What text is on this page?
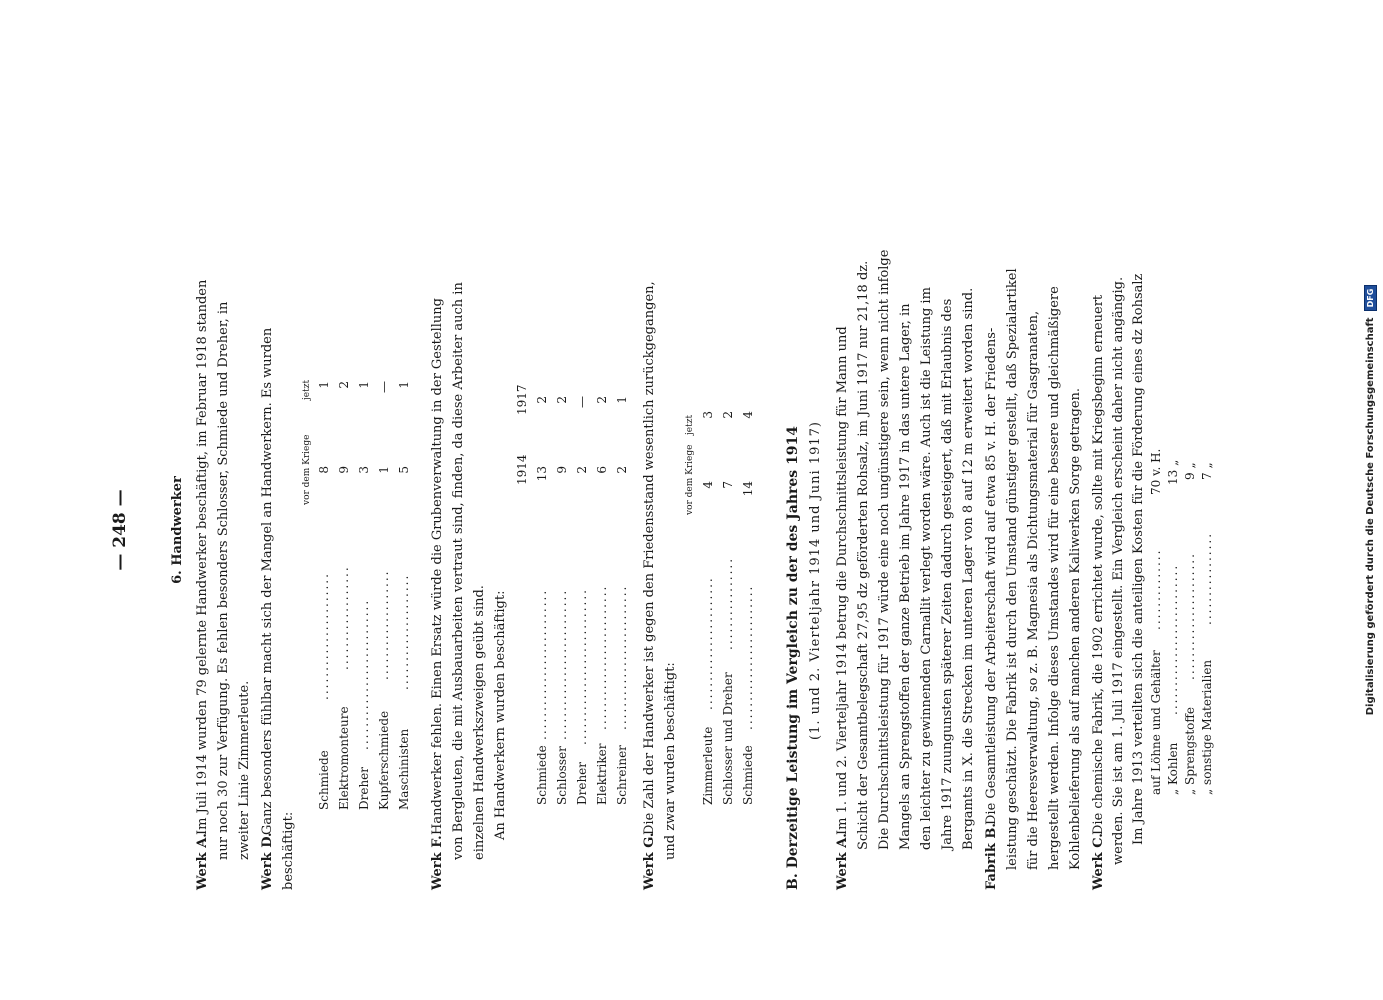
Digitalisierung gefördert durch die Deutsche Forschungsgemeinschaft
DFG
— 248 —	6. Handwerker
Werk A.
Im Juli 1914 wurden 79 gelernte Handwerker beschäftigt, im Februar 1918 standen nur noch 30 zur Verfügung. Es fehlen besonders Schlosser, Schmiede und Dreher, in zweiter Linie Zimmerleute.
Werk D.
Ganz besonders fühlbar macht sich der Mangel an Handwerkern. Es wurden
beschäftigt:
vor dem Kriege
jetzt
Schmiede
......................
8
1
Elektromonteure
..................
9
2
Dreher
..........................
3
1
Kupferschmiede
...................
1
—
Maschinisten
....................
5
1
Werk F.
Handwerker fehlen. Einen Ersatz würde die Grubenverwaltung in der Gestellung von Bergleuten, die mit Ausbauarbeiten vertraut sind, finden, da diese Arbeiter auch in einzelnen Handwerkszweigen geübt sind. An Handwerkern wurden beschäftigt:
1914
1917
Schmiede
..........................
13
2
Schlosser
..........................
9
2
Dreher
...........................
2
—
Elektriker
.........................
6
2
Schreiner
.........................
2
1
Werk G.
Die Zahl der Handwerker ist gegen den Friedensstand wesentlich zurückgegangen, und zwar wurden beschäftigt:
vor dem Kriege
jetzt
Zimmerleute
.......................
4
3
Schlosser und Dreher
................
7
2
Schmiede
.........................
14
4
B. Derzeitige Leistung im Vergleich zu der des Jahres 1914 (1. und 2. Vierteljahr 1914 und Juni 1917)
Werk A.
Im 1. und 2. Vierteljahr 1914 betrug die Durchschnittsleistung für Mann und Schicht der Gesamtbelegschaft 27,95 dz geförderten Rohsalz, im Juni 1917 nur 21,18 dz. Die Durchschnittsleistung für 1917 würde eine noch ungünstigere sein, wenn nicht infolge Mangels an Sprengstoffen der ganze Betrieb im Jahre 1917 in das untere Lager, in den leichter zu gewinnenden Carnallit verlegt worden wäre. Auch ist die Leistung im Jahre 1917 zuungunsten späterer Zeiten dadurch gesteigert, daß mit Erlaubnis des Bergamts in X. die Strecken im unteren Lager von 8 auf 12 m erweitert worden sind.
Fabrik B.
Die Gesamtleistung der Arbeiterschaft wird auf etwa 85 v. H. der Friedens- leistung geschätzt. Die Fabrik ist durch den Umstand günstiger gestellt, daß Spezialartikel für die Heeresverwaltung, so z. B. Magnesia als Dichtungsmaterial für Gasgranaten, hergestellt werden. Infolge dieses Umstandes wird für eine bessere und gleichmäßigere Kohlenbelieferung als auf manchen anderen Kaliwerken Sorge getragen. Werk C.
Die chemische Fabrik, die 1902 errichtet wurde, sollte mit Kriegsbeginn erneuert werden. Sie ist am 1. Juli 1917 eingestellt. Ein Vergleich erscheint daher nicht angängig. Im Jahre 1913 verteilten sich die anteiligen Kosten für die Förderung eines dz Rohsalz auf Löhne und Gehälter
..............
70 v. H.
„ Kohlen
..........................
13 „
„ Sprengstoffe
......................
9 „
„ sonstige Materialien
................
7 „
